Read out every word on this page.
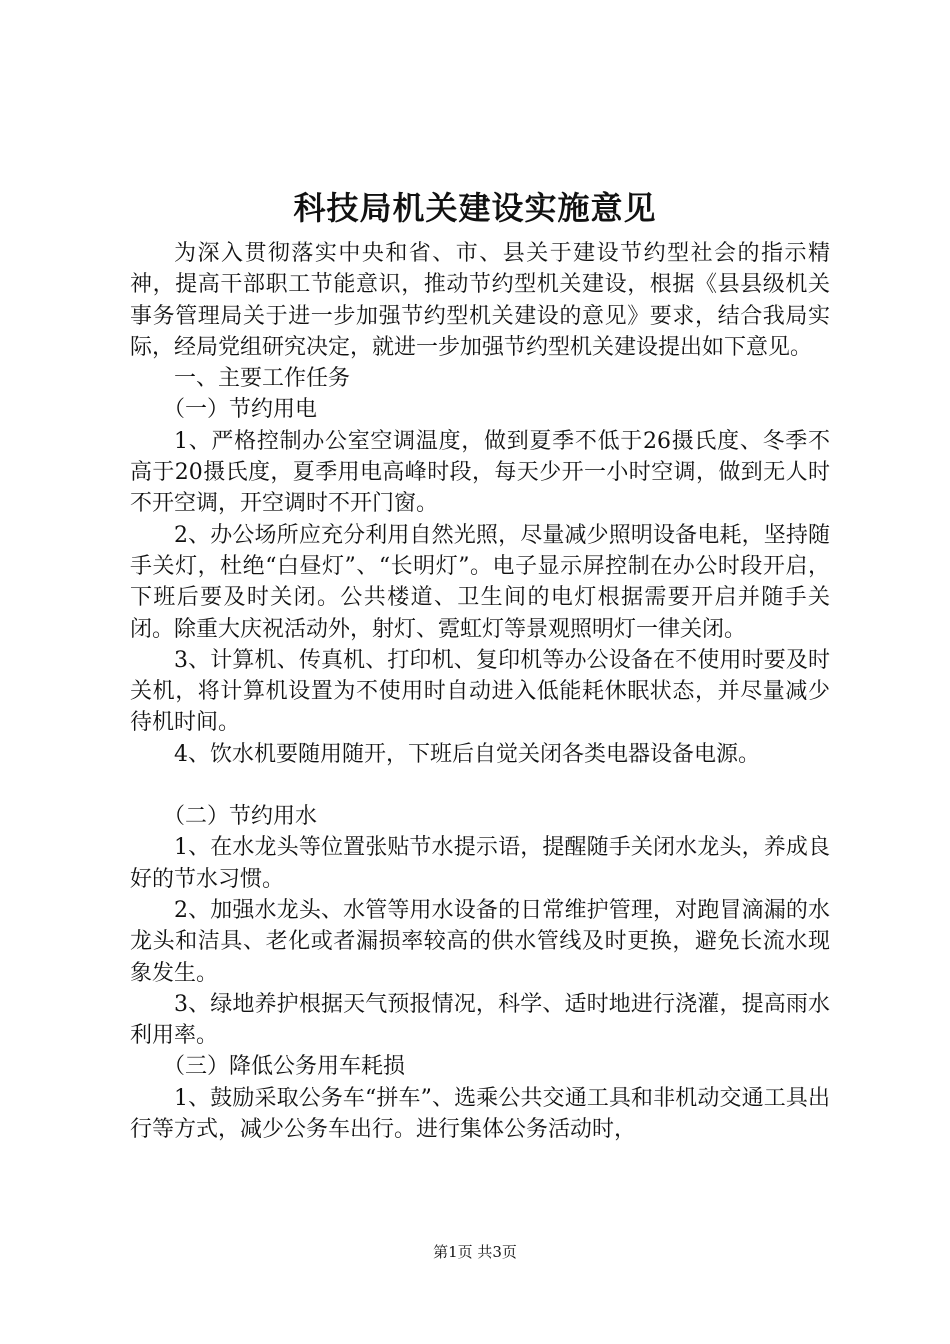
科技局机关建设实施意见

为深入贯彻落实中央和省、市、县关于建设节约型社会的指示精神，提高干部职工节能意识，推动节约型机关建设，根据《县县级机关事务管理局关于进一步加强节约型机关建设的意见》要求，结合我局实际，经局党组研究决定，就进一步加强节约型机关建设提出如下意见。

一、主要工作任务

（一）节约用电

1、严格控制办公室空调温度，做到夏季不低于26摄氏度、冬季不高于20摄氏度，夏季用电高峰时段，每天少开一小时空调，做到无人时不开空调，开空调时不开门窗。

2、办公场所应充分利用自然光照，尽量减少照明设备电耗，坚持随手关灯，杜绝“白昼灯”、“长明灯”。电子显示屏控制在办公时段开启，下班后要及时关闭。公共楼道、卫生间的电灯根据需要开启并随手关闭。除重大庆祝活动外，射灯、霓虹灯等景观照明灯一律关闭。

3、计算机、传真机、打印机、复印机等办公设备在不使用时要及时关机，将计算机设置为不使用时自动进入低能耗休眠状态，并尽量减少待机时间。

4、饮水机要随用随开，下班后自觉关闭各类电器设备电源。

（二）节约用水

1、在水龙头等位置张贴节水提示语，提醒随手关闭水龙头，养成良好的节水习惯。

2、加强水龙头、水管等用水设备的日常维护管理，对跑冒滴漏的水龙头和洁具、老化或者漏损率较高的供水管线及时更换，避免长流水现象发生。

3、绿地养护根据天气预报情况，科学、适时地进行浇灌，提高雨水利用率。

（三）降低公务用车耗损

1、鼓励采取公务车“拼车”、选乘公共交通工具和非机动交通工具出行等方式，减少公务车出行。进行集体公务活动时，

第1页 共3页
